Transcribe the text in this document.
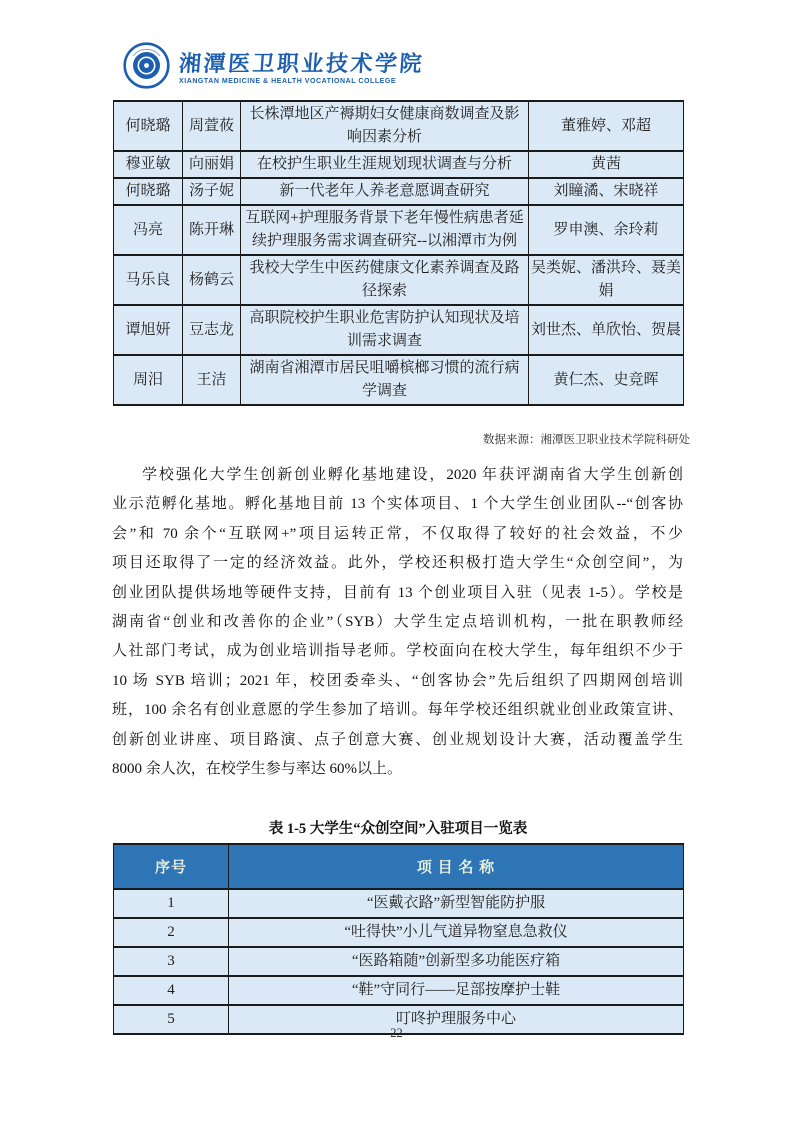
湘潭医卫职业技术学院
XIANGTAN MEDICINE & HEALTH VOCATIONAL COLLEGE
何晓璐	周萱莜	长株潭地区产褥期妇女健康商数调查及影响因素分析	董雅婷、邓超
穆亚敏	向丽娟	在校护生职业生涯规划现状调查与分析	黄茜
何晓璐	汤子妮	新一代老年人养老意愿调查研究	刘瞳潏、宋晓祥
冯亮	陈开琳	互联网+护理服务背景下老年慢性病患者延续护理服务需求调查研究--以湘潭市为例	罗申澳、余玲莉
马乐良	杨鹤云	我校大学生中医药健康文化素养调查及路径探索	吴类妮、潘洪玲、聂美娟
谭旭妍	豆志龙	高职院校护生职业危害防护认知现状及培训需求调查	刘世杰、单欣怡、贺晨
周汨	王洁	湖南省湘潭市居民咀嚼槟榔习惯的流行病学调查	黄仁杰、史竞晖
数据来源：湘潭医卫职业技术学院科研处
学校强化大学生创新创业孵化基地建设，2020 年获评湖南省大学生创新创
业示范孵化基地。孵化基地目前 13 个实体项目、1 个大学生创业团队--“创客协
会”和 70 余个“互联网+”项目运转正常，不仅取得了较好的社会效益，不少
项目还取得了一定的经济效益。此外，学校还积极打造大学生“众创空间”，为
创业团队提供场地等硬件支持，目前有 13 个创业项目入驻（见表 1-5）。学校是
湖南省“创业和改善你的企业”（SYB）大学生定点培训机构，一批在职教师经
人社部门考试，成为创业培训指导老师。学校面向在校大学生，每年组织不少于
10 场 SYB 培训；2021 年，校团委牵头、“创客协会”先后组织了四期网创培训
班，100 余名有创业意愿的学生参加了培训。每年学校还组织就业创业政策宣讲、
创新创业讲座、项目路演、点子创意大赛、创业规划设计大赛，活动覆盖学生
8000 余人次，在校学生参与率达 60%以上。
表 1-5 大学生“众创空间”入驻项目一览表
序号	项 目 名 称
1	“医戴衣路”新型智能防护服
2	“吐得快”小儿气道异物窒息急救仪
3	“医路箱随”创新型多功能医疗箱
4	“鞋”守同行——足部按摩护士鞋
5	叮咚护理服务中心
22
